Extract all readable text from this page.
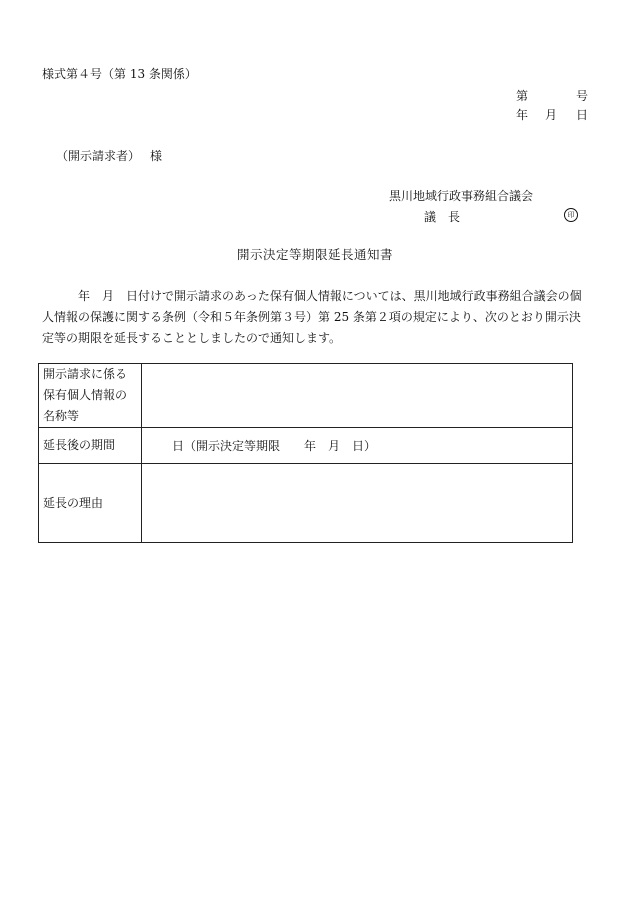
様式第４号（第 13 条関係）
第	号
年 月 日
（開示請求者） 様
黒川地域行政事務組合議会
議長	印
開示決定等期限延長通知書
　　　年　月　日付けで開示請求のあった保有個人情報については、黒川地域行政事務組合議会の個
人情報の保護に関する条例（令和５年条例第３号）第 25 条第２項の規定により、次のとおり開示決
定等の期限を延長することとしましたので通知します。
開示請求に係る
保有個人情報の
名称等	

延長後の期間	日（開示決定等期限　　年　月　日）

延長の理由	
